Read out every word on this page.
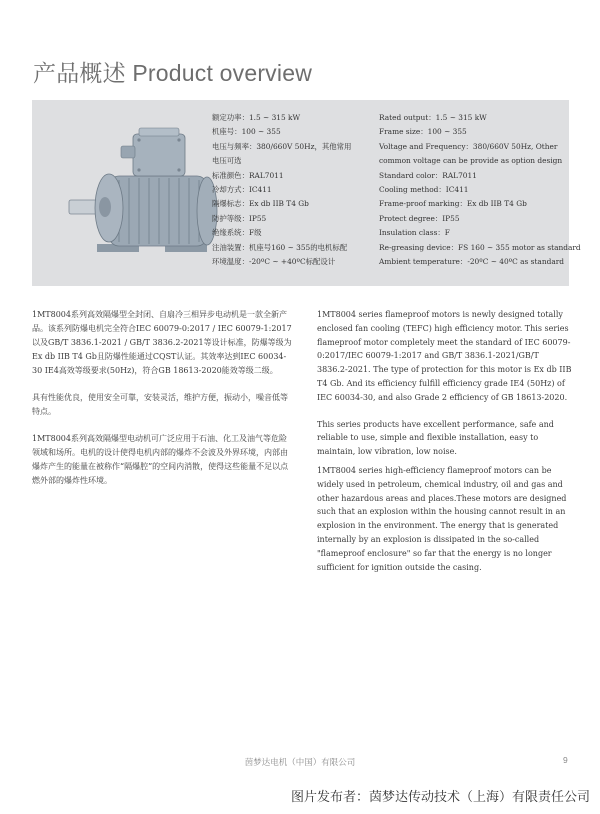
产品概述 Product overview
额定功率：1.5 ~ 315 kW
机座号：100 ~ 355
电压与频率：380/660V 50Hz，其他常用
电压可选
标准颜色：RAL7011
冷却方式：IC411
隔爆标志：Ex db IIB T4 Gb
防护等级：IP55
绝缘系统：F级
注油装置：机座号160 ~ 355的电机标配
环境温度：-20ºC ~ +40ºC标配设计
Rated output：1.5 ~ 315 kW
Frame size：100 ~ 355
Voltage and Frequency：380/660V 50Hz, Other
common voltage can be provide as option design
Standard color：RAL7011
Cooling method：IC411
Frame-proof marking：Ex db IIB T4 Gb
Protect degree：IP55
Insulation class：F
Re-greasing device：FS 160 ~ 355 motor as standard
Ambient temperature：-20ºC ~ 40ºC as standard

1MT8004系列高效隔爆型全封闭、自扇冷三相异步电动机是一款全新产品。该系列防爆电机完全符合IEC 60079-0:2017 / IEC 60079-1:2017以及GB/T 3836.1-2021 / GB/T 3836.2-2021等设计标准，防爆等级为 Ex db IIB T4 Gb且防爆性能通过CQST认证。其效率达到IEC 60034-30 IE4高效等级要求(50Hz)，符合GB 18613-2020能效等级二级。

具有性能优良，使用安全可靠，安装灵活，维护方便，振动小，噪音低等特点。

1MT8004系列高效隔爆型电动机可广泛应用于石油、化工及油气等危险领域和场所。电机的设计使得电机内部的爆炸不会波及外界环境，内部由爆炸产生的能量在被称作“隔爆腔”的空间内消散，使得这些能量不足以点燃外部的爆炸性环境。

1MT8004 series flameproof motors is newly designed totally enclosed fan cooling (TEFC) high efficiency motor. This series flameproof motor completely meet the standard of IEC 60079-0:2017/IEC 60079-1:2017 and GB/T 3836.1-2021/GB/T 3836.2-2021. The type of protection for this motor is Ex db IIB T4 Gb. And its efficiency fulfill efficiency grade IE4 (50Hz) of IEC 60034-30, and also Grade 2 efficiency of GB 18613-2020.

This series products have excellent performance, safe and reliable to use, simple and flexible installation, easy to maintain, low vibration, low noise.

1MT8004 series high-efficiency flameproof motors can be widely used in petroleum, chemical industry, oil and gas and other hazardous areas and places.These motors are designed such that an explosion within the housing cannot result in an explosion in the environment. The energy that is generated internally by an explosion is dissipated in the so-called "flameproof enclosure" so far that the energy is no longer sufficient for ignition outside the casing.

茵梦达电机（中国）有限公司	9
图片发布者：茵梦达传动技术（上海）有限责任公司
